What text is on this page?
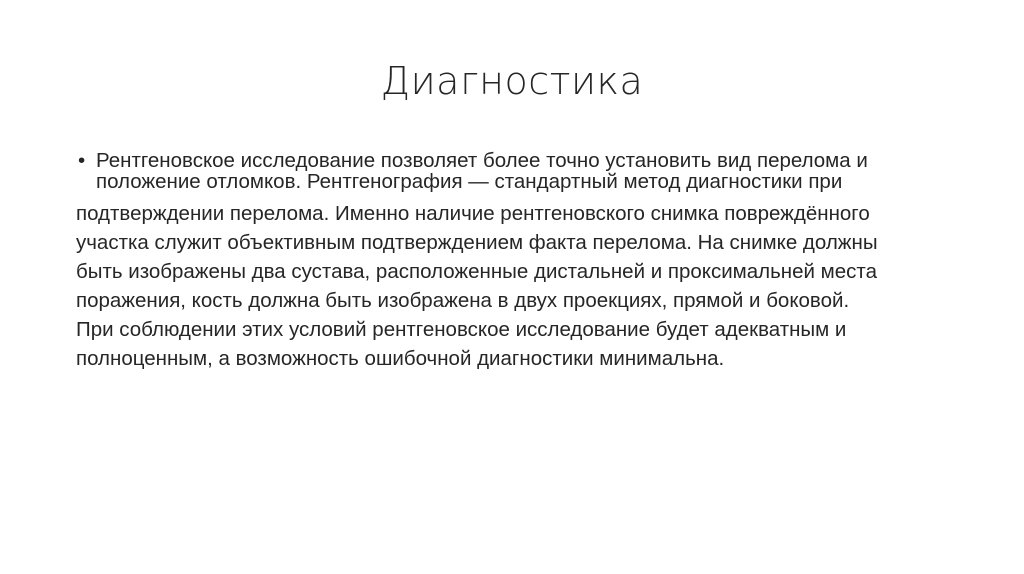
Диагностика
• Рентгеновское исследование позволяет более точно установить вид перелома и положение отломков. Рентгенография — стандартный метод диагностики при
подтверждении перелома. Именно наличие рентгеновского снимка повреждённого
участка служит объективным подтверждением факта перелома. На снимке должны
быть изображены два сустава, расположенные дистальней и проксимальней места
поражения, кость должна быть изображена в двух проекциях, прямой и боковой.
При соблюдении этих условий рентгеновское исследование будет адекватным и
полноценным, а возможность ошибочной диагностики минимальна.
